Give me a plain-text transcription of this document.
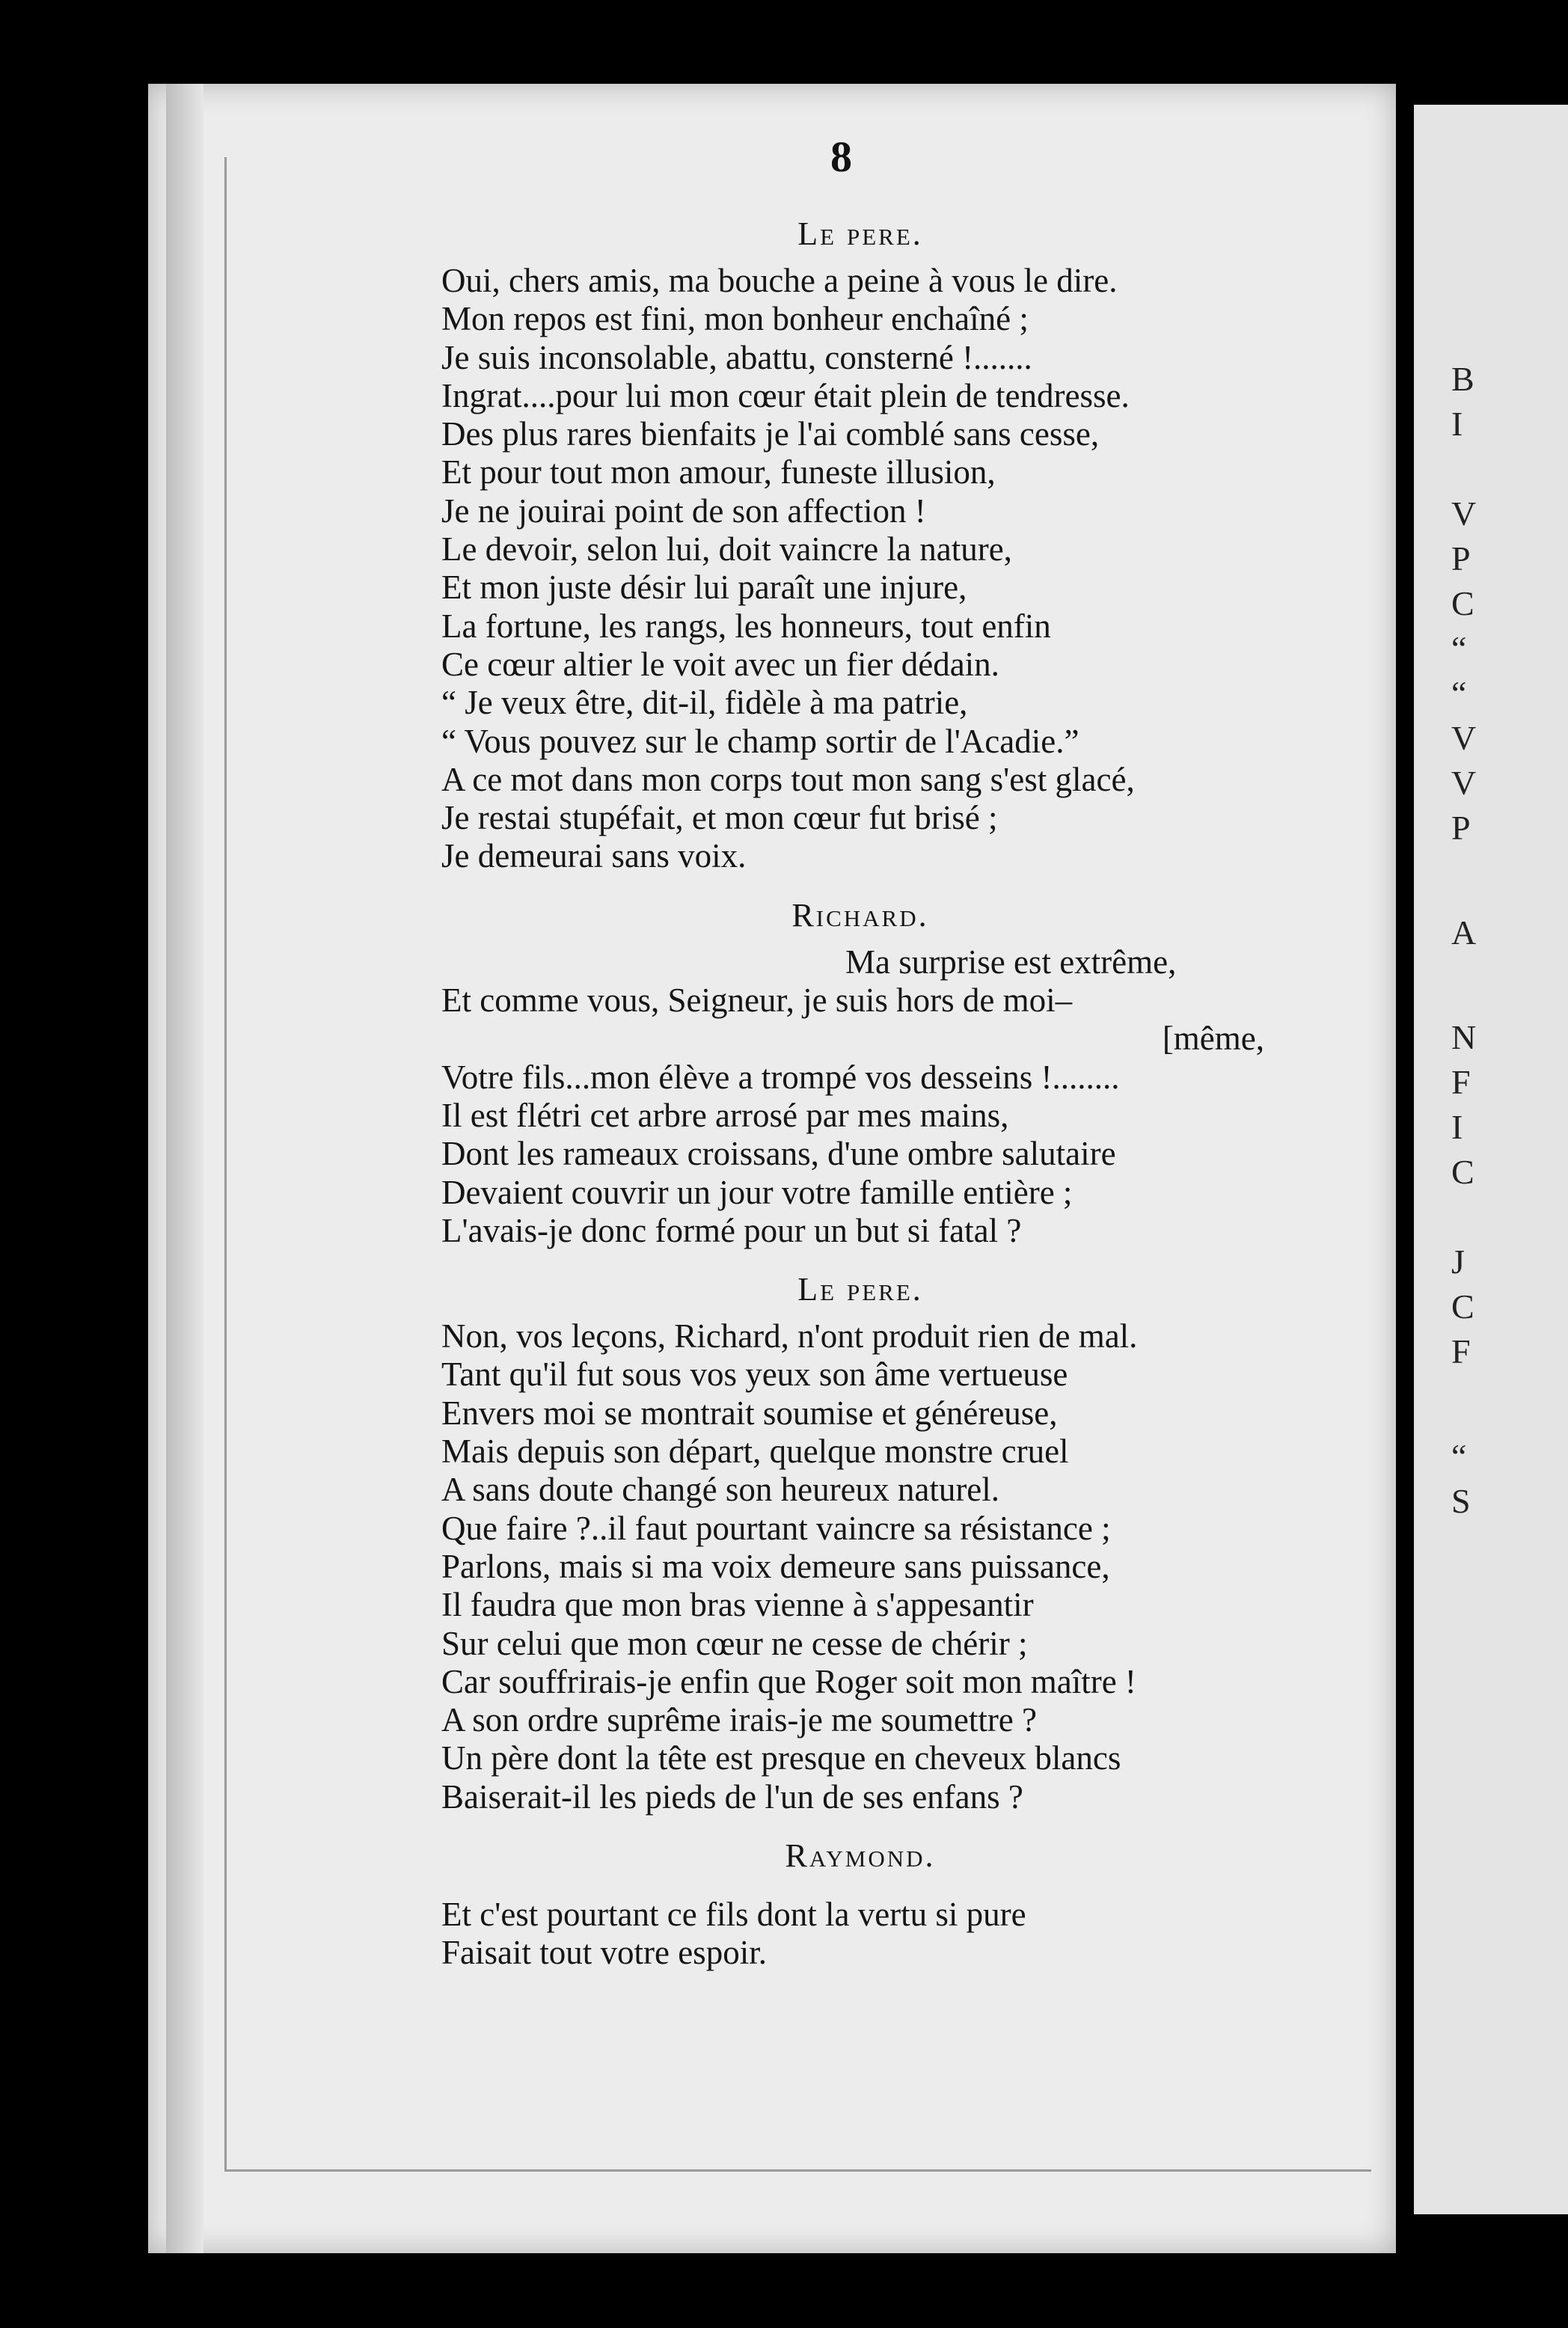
B
I
V
P
C
“
“
V
V
P
A
N
F
I
C
J
C
F
“
S
8
Le pere.
Oui, chers amis, ma bouche a peine à vous le dire.
Mon repos est fini, mon bonheur enchaîné ;
Je suis inconsolable, abattu, consterné !.......
Ingrat....pour lui mon cœur était plein de tendresse.
Des plus rares bienfaits je l'ai comblé sans cesse,
Et pour tout mon amour, funeste illusion,
Je ne jouirai point de son affection !
Le devoir, selon lui, doit vaincre la nature,
Et mon juste désir lui paraît une injure,
La fortune, les rangs, les honneurs, tout enfin
Ce cœur altier le voit avec un fier dédain.
“ Je veux être, dit-il, fidèle à ma patrie,
“ Vous pouvez sur le champ sortir de l'Acadie.”
A ce mot dans mon corps tout mon sang s'est glacé,
Je restai stupéfait, et mon cœur fut brisé ;
Je demeurai sans voix.
Richard.
Ma surprise est extrême,
Et comme vous, Seigneur, je suis hors de moi–
[même,
Votre fils...mon élève a trompé vos desseins !........
Il est flétri cet arbre arrosé par mes mains,
Dont les rameaux croissans, d'une ombre salutaire
Devaient couvrir un jour votre famille entière ;
L'avais-je donc formé pour un but si fatal ?
Le pere.
Non, vos leçons, Richard, n'ont produit rien de mal.
Tant qu'il fut sous vos yeux son âme vertueuse
Envers moi se montrait soumise et généreuse,
Mais depuis son départ, quelque monstre cruel
A sans doute changé son heureux naturel.
Que faire ?..il faut pourtant vaincre sa résistance ;
Parlons, mais si ma voix demeure sans puissance,
Il faudra que mon bras vienne à s'appesantir
Sur celui que mon cœur ne cesse de chérir ;
Car souffrirais-je enfin que Roger soit mon maître !
A son ordre suprême irais-je me soumettre ?
Un père dont la tête est presque en cheveux blancs
Baiserait-il les pieds de l'un de ses enfans ?
Raymond.
Et c'est pourtant ce fils dont la vertu si pure
Faisait tout votre espoir.
